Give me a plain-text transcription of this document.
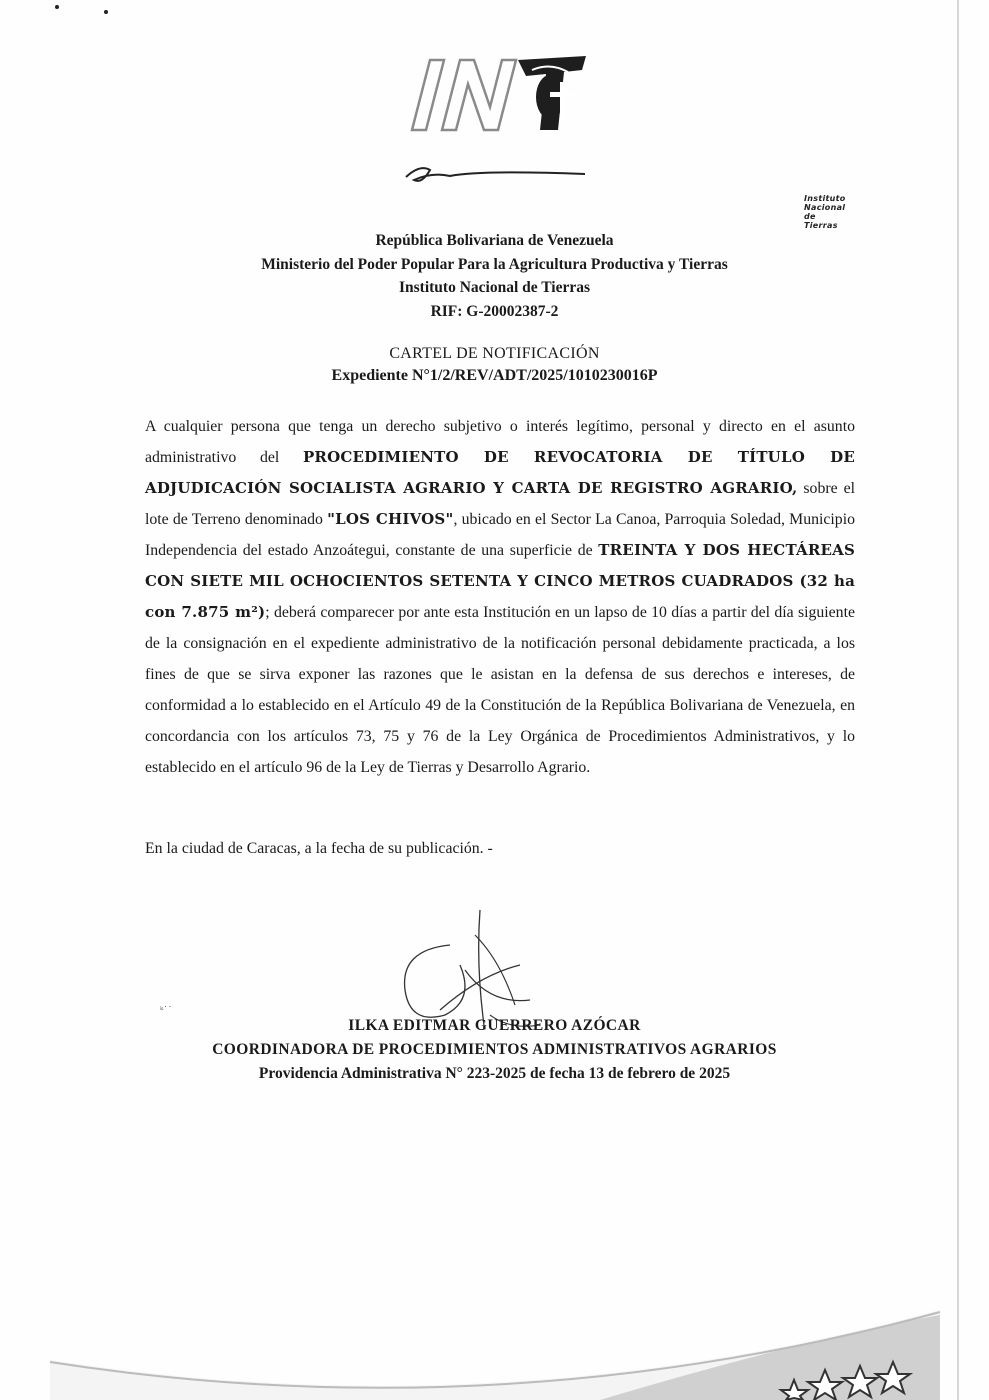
Instituto Nacional de Tierras
República Bolivariana de Venezuela
Ministerio del Poder Popular Para la Agricultura Productiva y Tierras
Instituto Nacional de Tierras
RIF: G-20002387-2
CARTEL DE NOTIFICACIÓN
Expediente N°1/2/REV/ADT/2025/1010230016P
A cualquier persona que tenga un derecho subjetivo o interés legítimo, personal y directo en el asunto administrativo del PROCEDIMIENTO DE REVOCATORIA DE TÍTULO DE ADJUDICACIÓN SOCIALISTA AGRARIO Y CARTA DE REGISTRO AGRARIO, sobre el lote de Terreno denominado "LOS CHIVOS", ubicado en el Sector La Canoa, Parroquia Soledad, Municipio Independencia del estado Anzoátegui, constante de una superficie de TREINTA Y DOS HECTÁREAS CON SIETE MIL OCHOCIENTOS SETENTA Y CINCO METROS CUADRADOS (32 ha con 7.875 m²); deberá comparecer por ante esta Institución en un lapso de 10 días a partir del día siguiente de la consignación en el expediente administrativo de la notificación personal debidamente practicada, a los fines de que se sirva exponer las razones que le asistan en la defensa de sus derechos e intereses, de conformidad a lo establecido en el Artículo 49 de la Constitución de la República Bolivariana de Venezuela, en concordancia con los artículos 73, 75 y 76 de la Ley Orgánica de Procedimientos Administrativos, y lo establecido en el artículo 96 de la Ley de Tierras y Desarrollo Agrario.
En la ciudad de Caracas, a la fecha de su publicación. -
ᵏ˙˙
ILKA EDITMAR GUERRERO AZÓCAR
COORDINADORA DE PROCEDIMIENTOS ADMINISTRATIVOS AGRARIOS
Providencia Administrativa N° 223-2025 de fecha 13 de febrero de 2025
